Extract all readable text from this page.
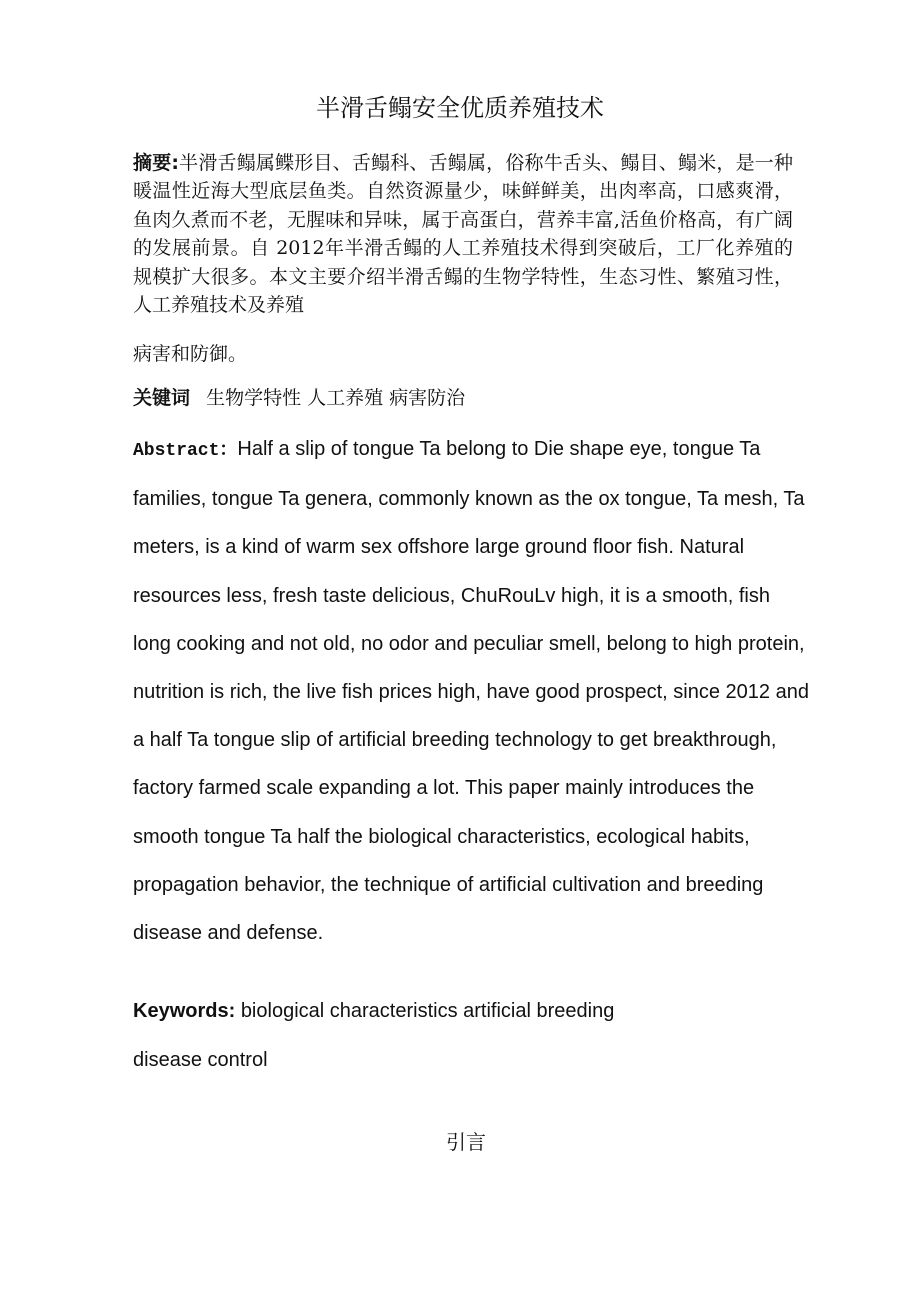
半滑舌鳎安全优质养殖技术
摘要:半滑舌鳎属鲽形目、舌鳎科、舌鳎属，俗称牛舌头、鳎目、鳎米，是一种暖温性近海大型底层鱼类。自然资源量少，味鲜鲜美，出肉率高，口感爽滑，鱼肉久煮而不老，无腥味和异味，属于高蛋白，营养丰富,活鱼价格高，有广阔的发展前景。自 2012年半滑舌鳎的人工养殖技术得到突破后，工厂化养殖的规模扩大很多。本文主要介绍半滑舌鳎的生物学特性，生态习性、繁殖习性，人工养殖技术及养殖
病害和防御。
关键词 生物学特性 人工养殖 病害防治
Abstract：Half a slip of tongue Ta belong to Die shape eye, tongue Ta families, tongue Ta genera, commonly known as the ox tongue, Ta mesh, Ta meters, is a kind of warm sex offshore large ground floor fish. Natural resources less, fresh taste delicious, ChuRouLv high, it is a smooth, fish long cooking and not old, no odor and peculiar smell, belong to high protein, nutrition is rich, the live fish prices high, have good prospect, since 2012 and a half Ta tongue slip of artificial breeding technology to get breakthrough, factory farmed scale expanding a lot. This paper mainly introduces the smooth tongue Ta half the biological characteristics, ecological habits, propagation behavior, the technique of artificial cultivation and breeding disease and defense.
Keywords: biological characteristics artificial breeding
disease control
引言
